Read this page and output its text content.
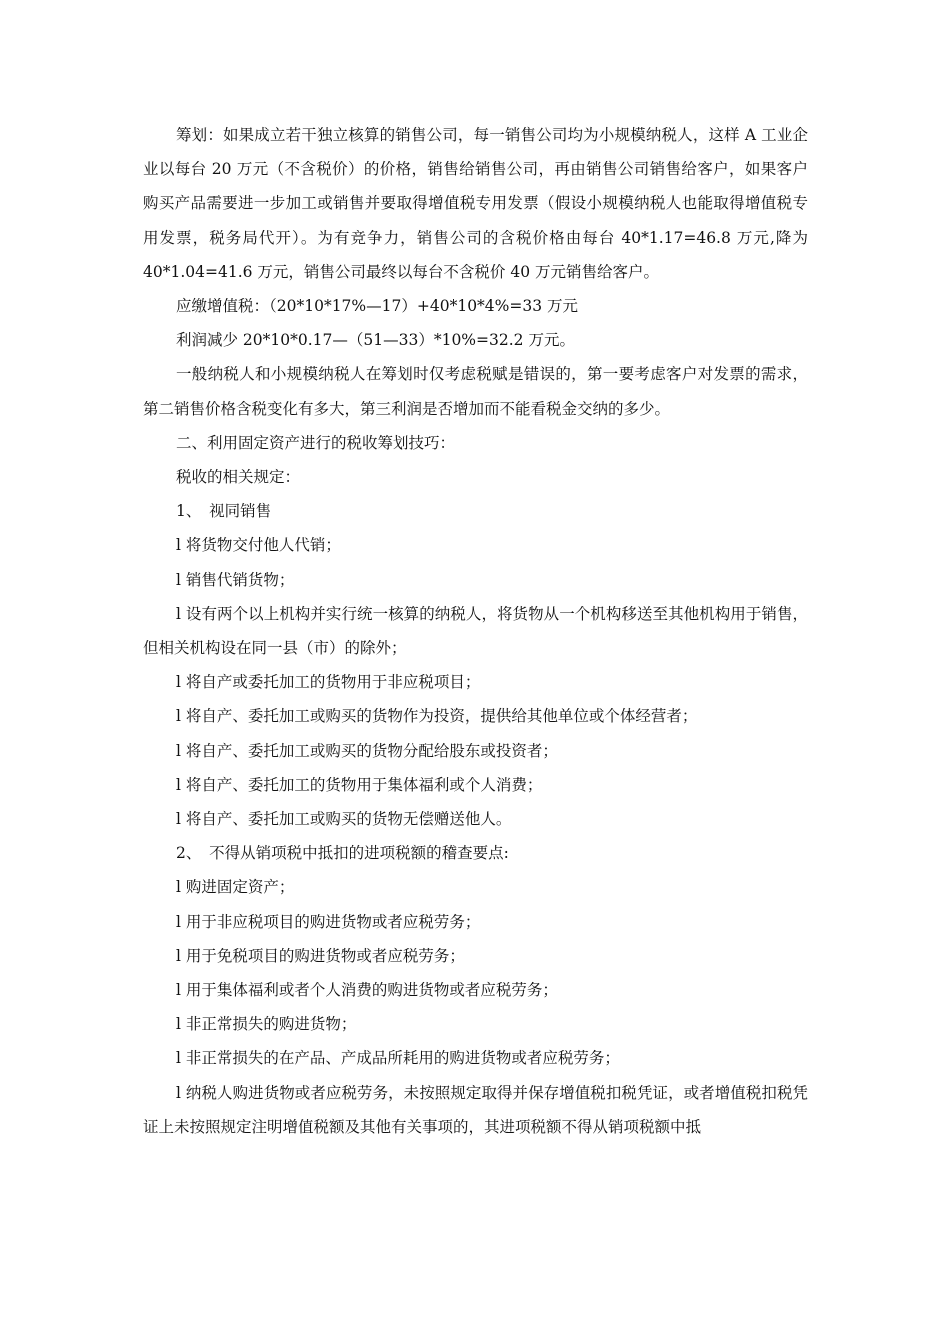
筹划：如果成立若干独立核算的销售公司，每一销售公司均为小规模纳税人，这样 A 工业企业以每台 20 万元（不含税价）的价格，销售给销售公司，再由销售公司销售给客户，如果客户购买产品需要进一步加工或销售并要取得增值税专用发票（假设小规模纳税人也能取得增值税专用发票，税务局代开）。为有竞争力，销售公司的含税价格由每台 40*1.17=46.8 万元,降为 40*1.04=41.6 万元，销售公司最终以每台不含税价 40 万元销售给客户。

应缴增值税：（20*10*17%—17）+40*10*4%=33 万元

利润减少 20*10*0.17—（51—33）*10%=32.2 万元。

一般纳税人和小规模纳税人在筹划时仅考虑税赋是错误的，第一要考虑客户对发票的需求，第二销售价格含税变化有多大，第三利润是否增加而不能看税金交纳的多少。

二、利用固定资产进行的税收筹划技巧：

税收的相关规定：

1、　视同销售

l 将货物交付他人代销；

l 销售代销货物；

l 设有两个以上机构并实行统一核算的纳税人，将货物从一个机构移送至其他机构用于销售，但相关机构设在同一县（市）的除外；

l 将自产或委托加工的货物用于非应税项目；

l 将自产、委托加工或购买的货物作为投资，提供给其他单位或个体经营者；

l 将自产、委托加工或购买的货物分配给股东或投资者；

l 将自产、委托加工的货物用于集体福利或个人消费；

l 将自产、委托加工或购买的货物无偿赠送他人。

2、　不得从销项税中抵扣的进项税额的稽查要点:

l 购进固定资产；

l 用于非应税项目的购进货物或者应税劳务；

l 用于免税项目的购进货物或者应税劳务；

l 用于集体福利或者个人消费的购进货物或者应税劳务；

l 非正常损失的购进货物；

l 非正常损失的在产品、产成品所耗用的购进货物或者应税劳务；

l 纳税人购进货物或者应税劳务，未按照规定取得并保存增值税扣税凭证，或者增值税扣税凭证上未按照规定注明增值税额及其他有关事项的，其进项税额不得从销项税额中抵
